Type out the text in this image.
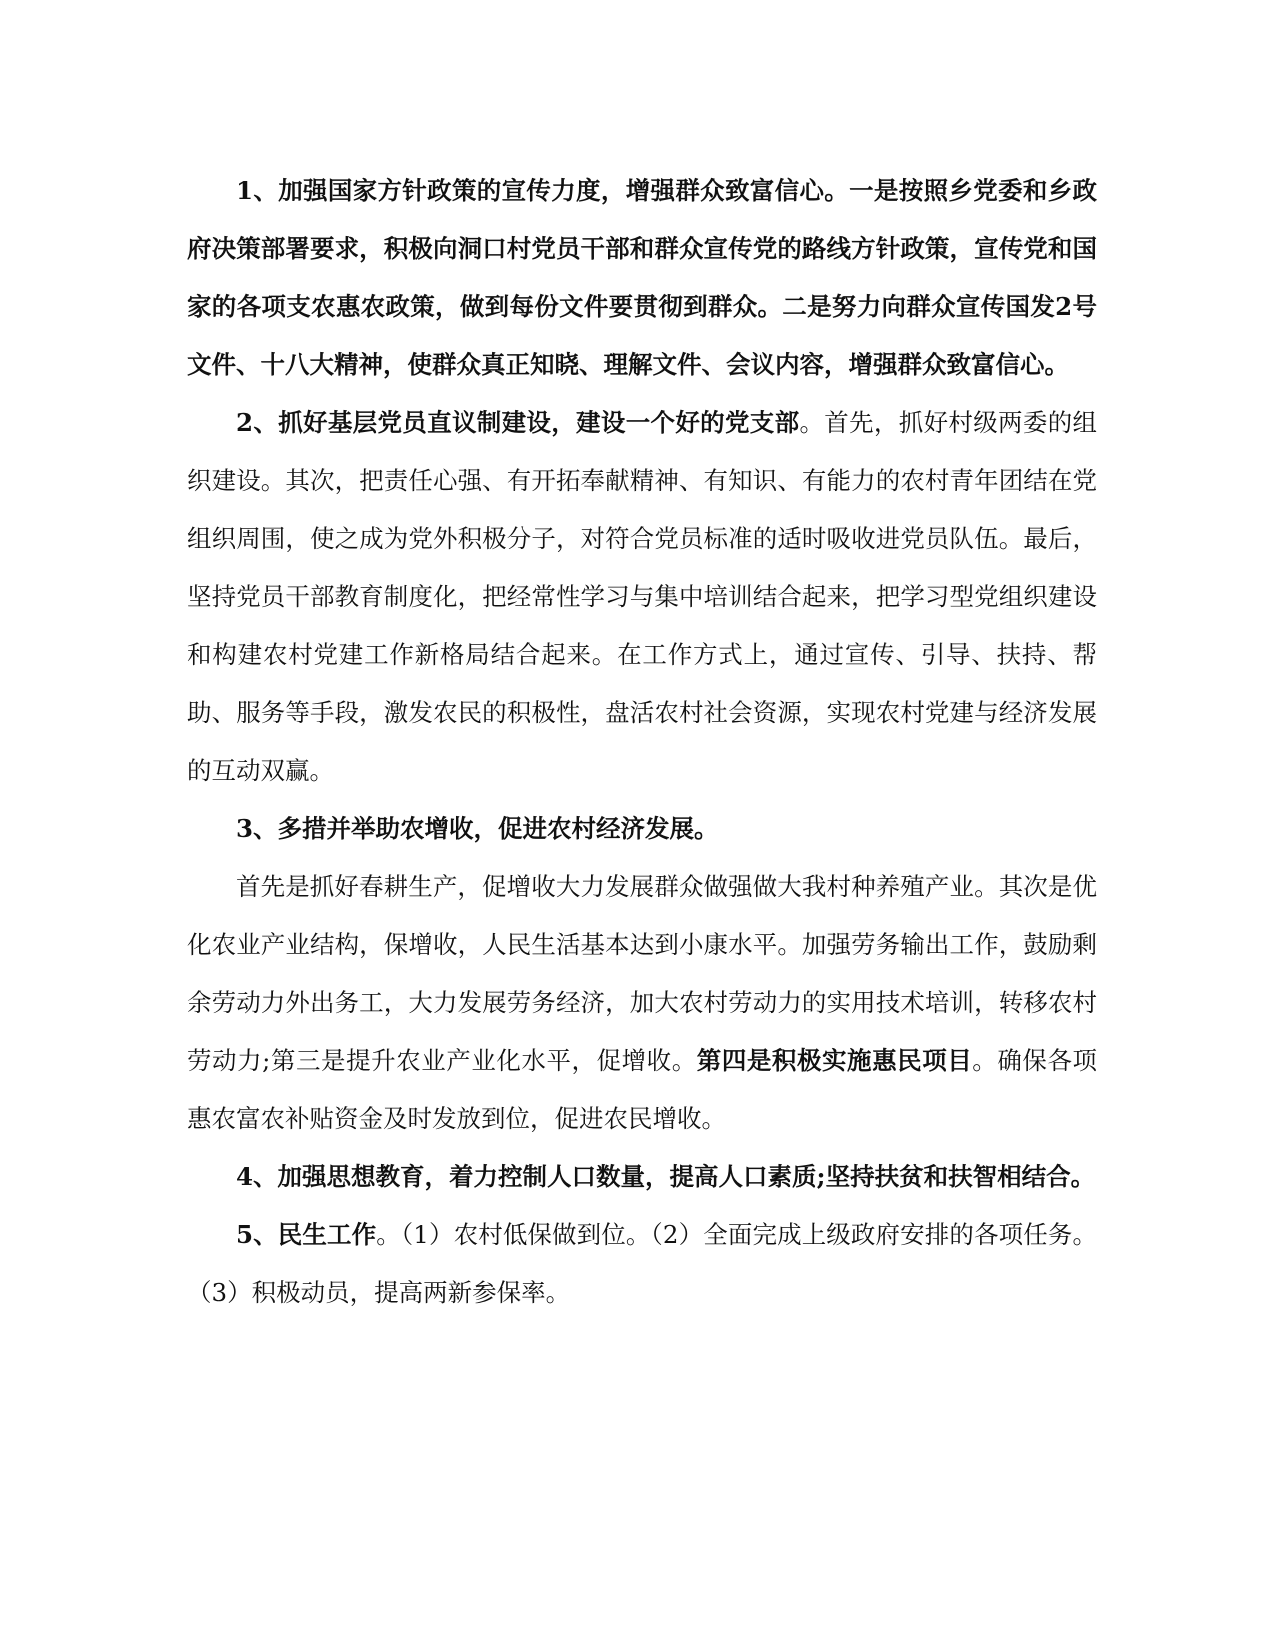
1、加强国家方针政策的宣传力度，增强群众致富信心。一是按照乡党委和乡政府决策部署要求，积极向洞口村党员干部和群众宣传党的路线方针政策，宣传党和国家的各项支农惠农政策，做到每份文件要贯彻到群众。二是努力向群众宣传国发2号文件、十八大精神，使群众真正知晓、理解文件、会议内容，增强群众致富信心。

2、抓好基层党员直议制建设，建设一个好的党支部。首先，抓好村级两委的组织建设。其次，把责任心强、有开拓奉献精神、有知识、有能力的农村青年团结在党组织周围，使之成为党外积极分子，对符合党员标准的适时吸收进党员队伍。最后，坚持党员干部教育制度化，把经常性学习与集中培训结合起来，把学习型党组织建设和构建农村党建工作新格局结合起来。在工作方式上，通过宣传、引导、扶持、帮助、服务等手段，激发农民的积极性，盘活农村社会资源，实现农村党建与经济发展的互动双赢。

3、多措并举助农增收，促进农村经济发展。

首先是抓好春耕生产，促增收大力发展群众做强做大我村种养殖产业。其次是优化农业产业结构，保增收，人民生活基本达到小康水平。加强劳务输出工作，鼓励剩余劳动力外出务工，大力发展劳务经济，加大农村劳动力的实用技术培训，转移农村劳动力;第三是提升农业产业化水平，促增收。第四是积极实施惠民项目。确保各项惠农富农补贴资金及时发放到位，促进农民增收。

4、加强思想教育，着力控制人口数量，提高人口素质;坚持扶贫和扶智相结合。

5、民生工作。（1）农村低保做到位。（2）全面完成上级政府安排的各项任务。（3）积极动员，提高两新参保率。
